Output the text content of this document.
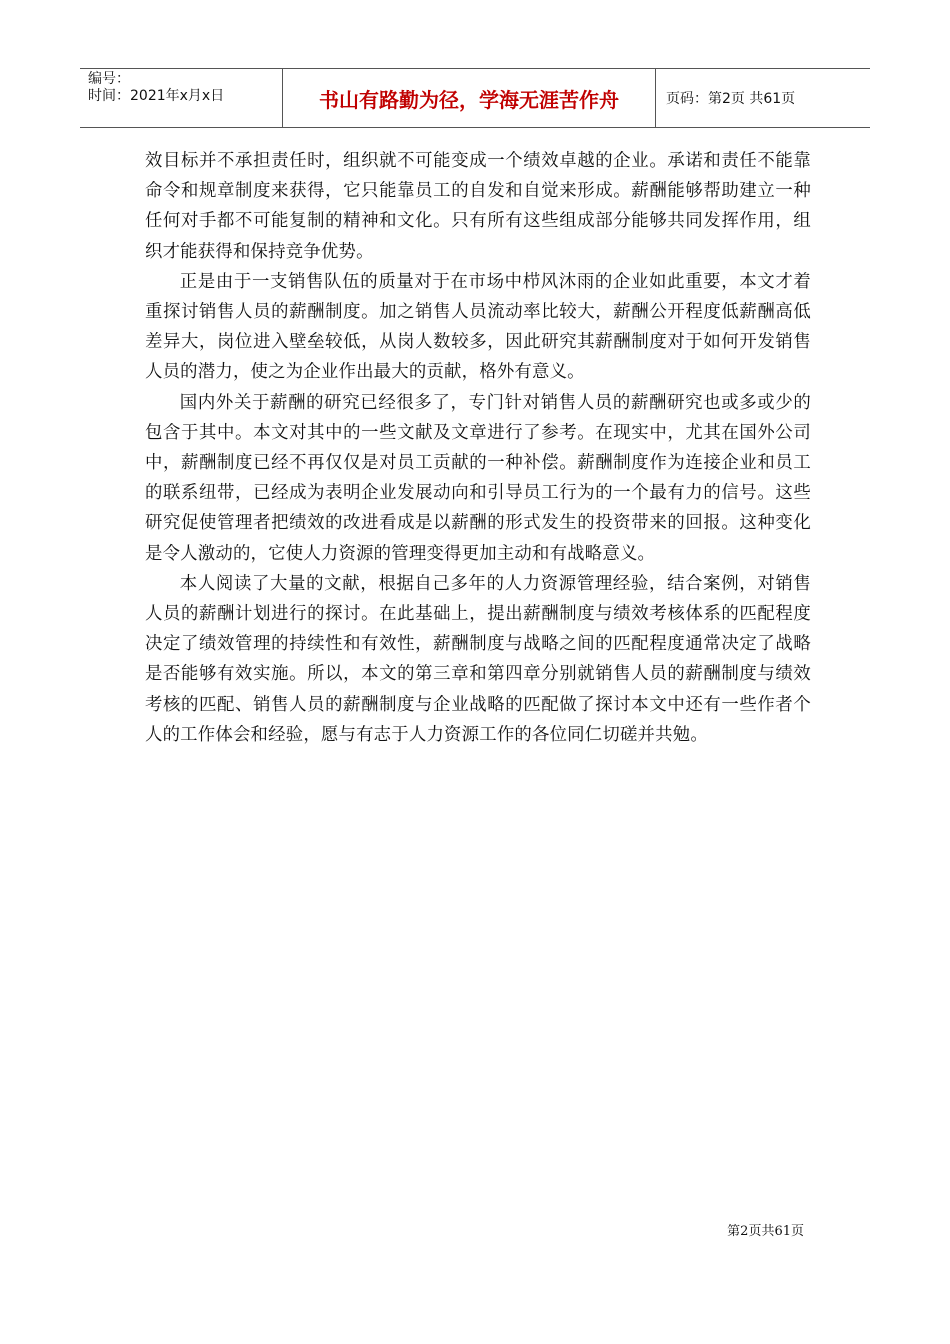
编号：
时间：2021年x月x日	书山有路勤为径，学海无涯苦作舟	页码：第2页 共61页

效目标并不承担责任时，组织就不可能变成一个绩效卓越的企业。承诺和责任不能靠命令和规章制度来获得，它只能靠员工的自发和自觉来形成。薪酬能够帮助建立一种任何对手都不可能复制的精神和文化。只有所有这些组成部分能够共同发挥作用，组织才能获得和保持竞争优势。

正是由于一支销售队伍的质量对于在市场中栉风沐雨的企业如此重要，本文才着重探讨销售人员的薪酬制度。加之销售人员流动率比较大，薪酬公开程度低薪酬高低差异大，岗位进入壁垒较低，从岗人数较多，因此研究其薪酬制度对于如何开发销售人员的潜力，使之为企业作出最大的贡献，格外有意义。

国内外关于薪酬的研究已经很多了，专门针对销售人员的薪酬研究也或多或少的包含于其中。本文对其中的一些文献及文章进行了参考。在现实中，尤其在国外公司中，薪酬制度已经不再仅仅是对员工贡献的一种补偿。薪酬制度作为连接企业和员工的联系纽带，已经成为表明企业发展动向和引导员工行为的一个最有力的信号。这些研究促使管理者把绩效的改进看成是以薪酬的形式发生的投资带来的回报。这种变化是令人激动的，它使人力资源的管理变得更加主动和有战略意义。

本人阅读了大量的文献，根据自己多年的人力资源管理经验，结合案例，对销售人员的薪酬计划进行的探讨。在此基础上，提出薪酬制度与绩效考核体系的匹配程度决定了绩效管理的持续性和有效性，薪酬制度与战略之间的匹配程度通常决定了战略是否能够有效实施。所以，本文的第三章和第四章分别就销售人员的薪酬制度与绩效考核的匹配、销售人员的薪酬制度与企业战略的匹配做了探讨本文中还有一些作者个人的工作体会和经验，愿与有志于人力资源工作的各位同仁切磋并共勉。

第2页共61页
